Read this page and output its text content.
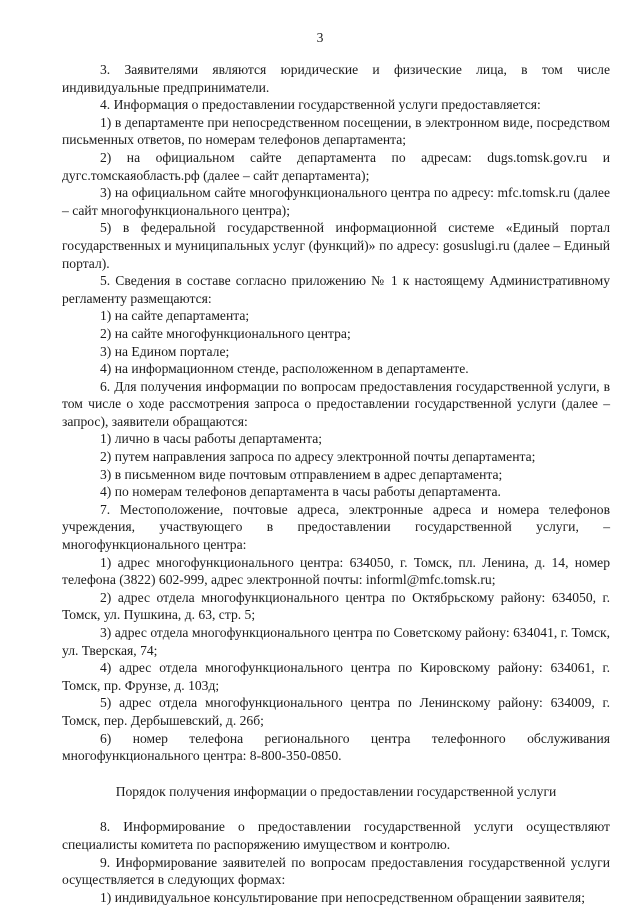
3

3. Заявителями являются юридические и физические лица, в том числе индивидуальные предприниматели.

4. Информация о предоставлении государственной услуги предоставляется:

1) в департаменте при непосредственном посещении, в электронном виде, посредством письменных ответов, по номерам телефонов департамента;

2) на официальном сайте департамента по адресам: dugs.tomsk.gov.ru и дугс.томскаяобласть.рф (далее – сайт департамента);

3) на официальном сайте многофункционального центра по адресу: mfc.tomsk.ru (далее – сайт многофункционального центра);

5) в федеральной государственной информационной системе «Единый портал государственных и муниципальных услуг (функций)» по адресу: gosuslugi.ru (далее – Единый портал).

5. Сведения в составе согласно приложению № 1 к настоящему Административному регламенту размещаются:

1) на сайте департамента;

2) на сайте многофункционального центра;

3) на Едином портале;

4) на информационном стенде, расположенном в департаменте.

6. Для получения информации по вопросам предоставления государственной услуги, в том числе о ходе рассмотрения запроса о предоставлении государственной услуги (далее – запрос), заявители обращаются:

1) лично в часы работы департамента;

2) путем направления запроса по адресу электронной почты департамента;

3) в письменном виде почтовым отправлением в адрес департамента;

4) по номерам телефонов департамента в часы работы департамента.

7. Местоположение, почтовые адреса, электронные адреса и номера телефонов учреждения, участвующего в предоставлении государственной услуги, – многофункционального центра:

1) адрес многофункционального центра: 634050, г. Томск, пл. Ленина, д. 14, номер телефона (3822) 602-999, адрес электронной почты: informl@mfc.tomsk.ru;

2) адрес отдела многофункционального центра по Октябрьскому району: 634050, г. Томск, ул. Пушкина, д. 63, стр. 5;

3) адрес отдела многофункционального центра по Советскому району: 634041, г. Томск, ул. Тверская, 74;

4) адрес отдела многофункционального центра по Кировскому району: 634061, г. Томск, пр. Фрунзе, д. 103д;

5) адрес отдела многофункционального центра по Ленинскому району: 634009, г. Томск, пер. Дербышевский, д. 26б;

6) номер телефона регионального центра телефонного обслуживания многофункционального центра: 8-800-350-0850.

Порядок получения информации о предоставлении государственной услуги

8. Информирование о предоставлении государственной услуги осуществляют специалисты комитета по распоряжению имуществом и контролю.

9. Информирование заявителей по вопросам предоставления государственной услуги осуществляется в следующих формах:

1) индивидуальное консультирование при непосредственном обращении заявителя;
